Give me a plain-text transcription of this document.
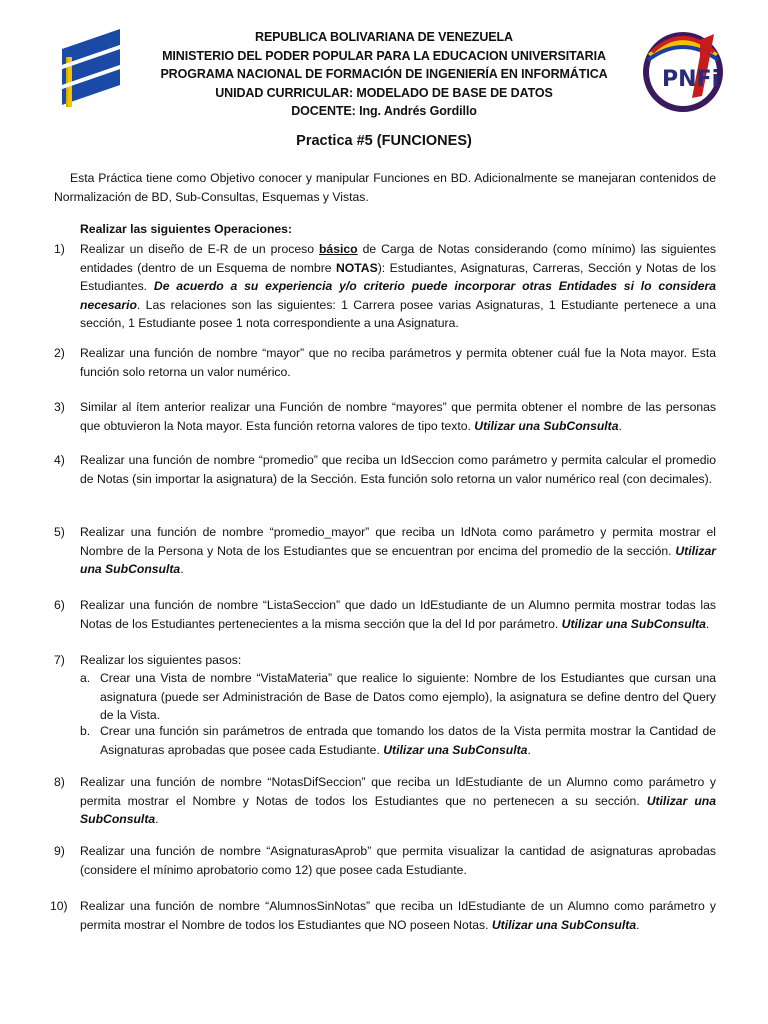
PNFi
REPUBLICA BOLIVARIANA DE VENEZUELA
MINISTERIO DEL PODER POPULAR PARA LA EDUCACION UNIVERSITARIA
PROGRAMA NACIONAL DE FORMACIÓN DE INGENIERÍA EN INFORMÁTICA
UNIDAD CURRICULAR: MODELADO DE BASE DE DATOS
DOCENTE: Ing. Andrés Gordillo
Practica #5 (FUNCIONES)
Esta Práctica tiene como Objetivo conocer y manipular Funciones en BD. Adicionalmente se manejaran contenidos de Normalización de BD, Sub-Consultas, Esquemas y Vistas.
Realizar las siguientes Operaciones:
1) Realizar un diseño de E-R de un proceso básico de Carga de Notas considerando (como mínimo) las siguientes entidades (dentro de un Esquema de nombre NOTAS): Estudiantes, Asignaturas, Carreras, Sección y Notas de los Estudiantes. De acuerdo a su experiencia y/o criterio puede incorporar otras Entidades si lo considera necesario. Las relaciones son las siguientes: 1 Carrera posee varias Asignaturas, 1 Estudiante pertenece a una sección, 1 Estudiante posee 1 nota correspondiente a una Asignatura.
2) Realizar una función de nombre “mayor” que no reciba parámetros y permita obtener cuál fue la Nota mayor. Esta función solo retorna un valor numérico.
3) Similar al ítem anterior realizar una Función de nombre “mayores” que permita obtener el nombre de las personas que obtuvieron la Nota mayor. Esta función retorna valores de tipo texto. Utilizar una SubConsulta.
4) Realizar una función de nombre “promedio” que reciba un IdSeccion como parámetro y permita calcular el promedio de Notas (sin importar la asignatura) de la Sección. Esta función solo retorna un valor numérico real (con decimales).
5) Realizar una función de nombre “promedio_mayor” que reciba un IdNota como parámetro y permita mostrar el Nombre de la Persona y Nota de los Estudiantes que se encuentran por encima del promedio de la sección. Utilizar una SubConsulta.
6) Realizar una función de nombre “ListaSeccion” que dado un IdEstudiante de un Alumno permita mostrar todas las Notas de los Estudiantes pertenecientes a la misma sección que la del Id por parámetro. Utilizar una SubConsulta.
7) Realizar los siguientes pasos:
a. Crear una Vista de nombre “VistaMateria” que realice lo siguiente: Nombre de los Estudiantes que cursan una asignatura (puede ser Administración de Base de Datos como ejemplo), la asignatura se define dentro del Query de la Vista.
b. Crear una función sin parámetros de entrada que tomando los datos de la Vista permita mostrar la Cantidad de Asignaturas aprobadas que posee cada Estudiante. Utilizar una SubConsulta.
8) Realizar una función de nombre “NotasDifSeccion” que reciba un IdEstudiante de un Alumno como parámetro y permita mostrar el Nombre y Notas de todos los Estudiantes que no pertenecen a su sección. Utilizar una SubConsulta.
9) Realizar una función de nombre “AsignaturasAprob” que permita visualizar la cantidad de asignaturas aprobadas (considere el mínimo aprobatorio como 12) que posee cada Estudiante.
10) Realizar una función de nombre “AlumnosSinNotas” que reciba un IdEstudiante de un Alumno como parámetro y permita mostrar el Nombre de todos los Estudiantes que NO poseen Notas. Utilizar una SubConsulta.
